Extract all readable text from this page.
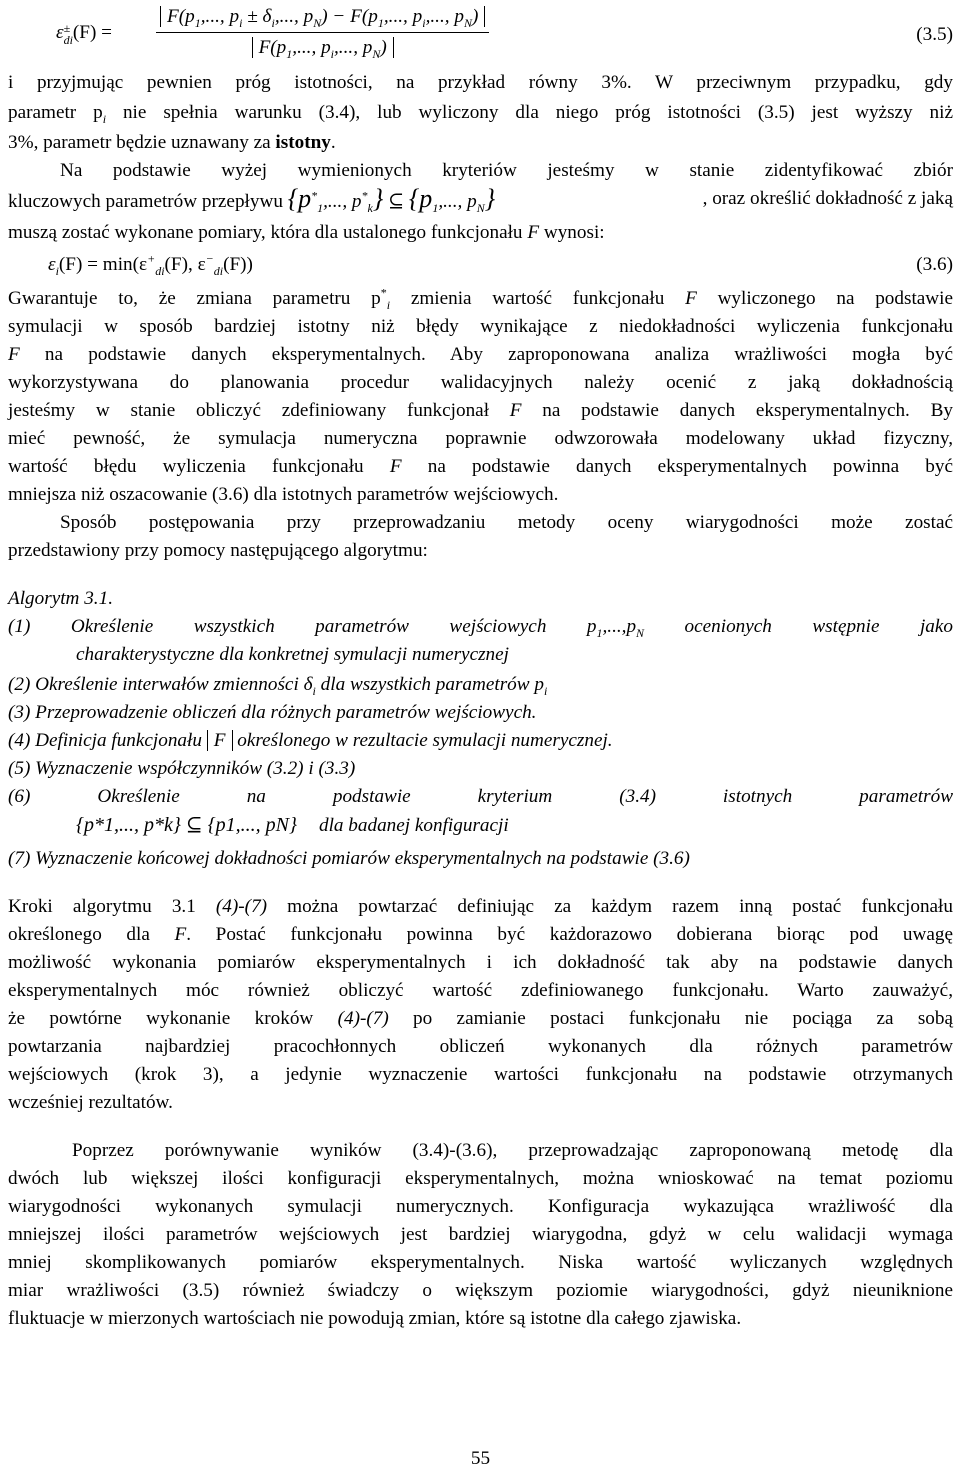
ε ±
di (F) =
$F(p_1$,..., $p_i \pm \delta_i$,..., $p_N) - F(p_1$,..., $p_i$,..., $p_N$)
$F(p_1$,..., $p_i$,..., $p_N$)
(3.5)
i przyjmując pewnien próg istotności, na przykład równy 3%. W przeciwnym przypadku, gdy
parametr $p_i$ nie spełnia warunku (3.4), lub wyliczony dla niego próg istotności (3.5) jest wyższy niż
3%, parametr będzie uznawany za istotny.
Na podstawie wyżej wymienionych kryteriów jesteśmy w stanie zidentyfikować zbiór
kluczowych parametrów przepływu {$p^*_1$,..., $p^*_k$} ⊆ {$p_1$,..., $p_N$}	, oraz określić dokładność z jaką
muszą zostać wykonane pomiary, która dla ustalonego funkcjonału F wynosi:
$\varepsilon_i(F) = \min(\varepsilon^+_{di}(F)$, $\varepsilon^-_{di}(F)$)	(3.6)
Gwarantuje to, że zmiana parametru $p^*_i$ zmienia wartość funkcjonału F wyliczonego na podstawie
symulacji w sposób bardziej istotny niż błędy wynikające z niedokładności wyliczenia funkcjonału
F na podstawie danych eksperymentalnych. Aby zaproponowana analiza wrażliwości mogła być
wykorzystywana do planowania procedur walidacyjnych należy ocenić z jaką dokładnością
jesteśmy w stanie obliczyć zdefiniowany funkcjonał F na podstawie danych eksperymentalnych. By
mieć pewność, że symulacja numeryczna poprawnie odwzorowała modelowany układ fizyczny,
wartość błędu wyliczenia funkcjonału F na podstawie danych eksperymentalnych powinna być
mniejsza niż oszacowanie (3.6) dla istotnych parametrów wejściowych.
Sposób postępowania przy przeprowadzaniu metody oceny wiarygodności może zostać
przedstawiony przy pomocy następującego algorytmu:
Algorytm 3.1.
(1) Określenie wszystkich parametrów wejściowych $p_1,...,p_N$ ocenionych wstępnie jako
charakterystyczne dla konkretnej symulacji numerycznej
(2) Określenie interwałów zmienności $\delta_i$ dla wszystkich parametrów $p_i$
(3) Przeprowadzenie obliczeń dla różnych parametrów wejściowych.
(4) Definicja funkcjonału F określonego w rezultacie symulacji numerycznej.
(5) Wyznaczenie współczynników (3.2) i (3.3)
(6) Określenie na podstawie kryterium (3.4) istotnych parametrów
{p*1,..., p*k} ⊆ {p1,..., pN} dla badanej konfiguracji
(7) Wyznaczenie końcowej dokładności pomiarów eksperymentalnych na podstawie (3.6)
Kroki algorytmu 3.1 (4)-(7) można powtarzać definiując za każdym razem inną postać funkcjonału
określonego dla F. Postać funkcjonału powinna być każdorazowo dobierana biorąc pod uwagę
możliwość wykonania pomiarów eksperymentalnych i ich dokładność tak aby na podstawie danych
eksperymentalnych móc również obliczyć wartość zdefiniowanego funkcjonału. Warto zauważyć,
że powtórne wykonanie kroków (4)-(7) po zamianie postaci funkcjonału nie pociąga za sobą
powtarzania najbardziej pracochłonnych obliczeń wykonanych dla różnych parametrów
wejściowych (krok 3), a jedynie wyznaczenie wartości funkcjonału na podstawie otrzymanych
wcześniej rezultatów.
Poprzez porównywanie wyników (3.4)-(3.6), przeprowadzając zaproponowaną metodę dla
dwóch lub większej ilości konfiguracji eksperymentalnych, można wnioskować na temat poziomu
wiarygodności wykonanych symulacji numerycznych. Konfiguracja wykazująca wrażliwość dla
mniejszej ilości parametrów wejściowych jest bardziej wiarygodna, gdyż w celu walidacji wymaga
mniej skomplikowanych pomiarów eksperymentalnych. Niska wartość wyliczanych względnych
miar wrażliwości (3.5) również świadczy o większym poziomie wiarygodności, gdyż nieuniknione
fluktuacje w mierzonych wartościach nie powodują zmian, które są istotne dla całego zjawiska.
55
